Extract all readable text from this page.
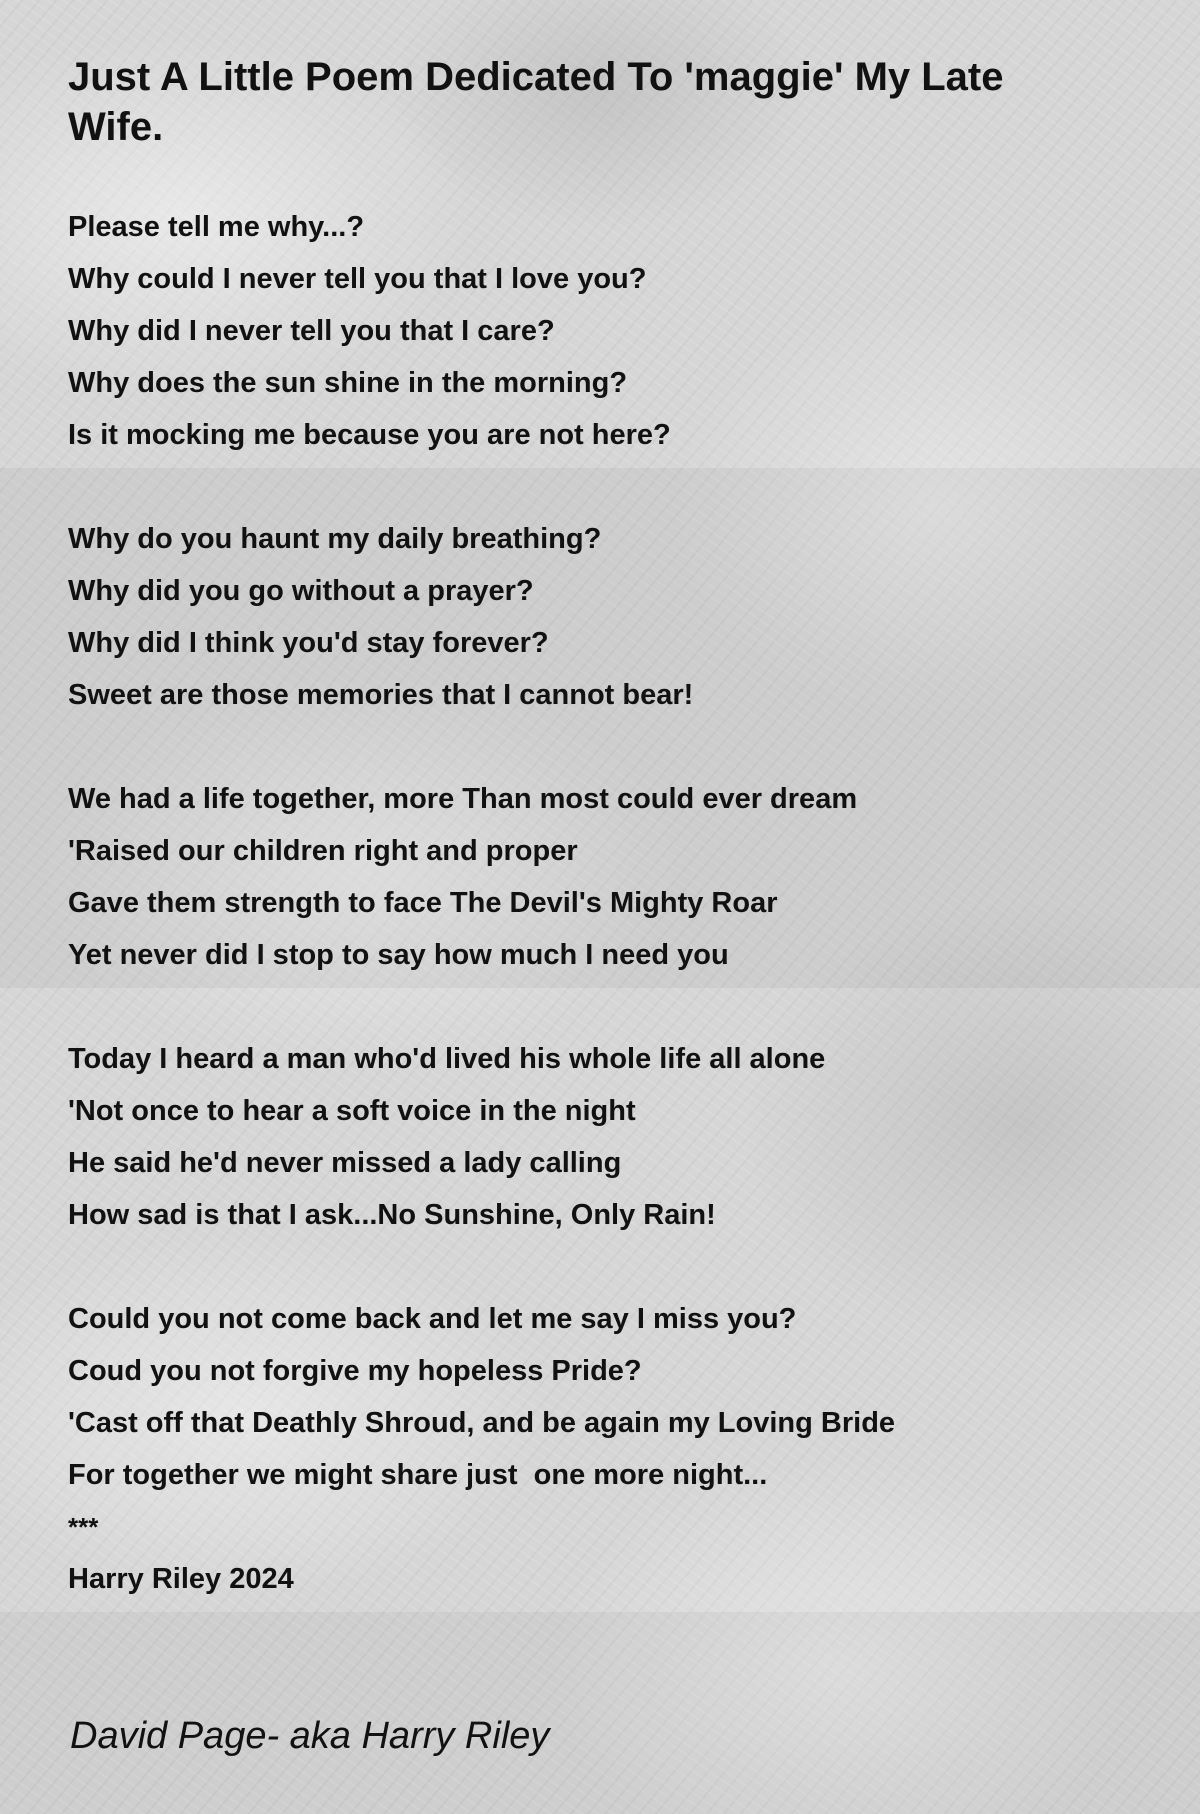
Just A Little Poem Dedicated To 'maggie' My Late Wife.
Please tell me why...?
Why could I never tell you that I love you?
Why did I never tell you that I care?
Why does the sun shine in the morning?
Is it mocking me because you are not here?
Why do you haunt my daily breathing?
Why did you go without a prayer?
Why did I think you'd stay forever?
Sweet are those memories that I cannot bear!
We had a life together, more Than most could ever dream
'Raised our children right and proper
Gave them strength to face The Devil's Mighty Roar
Yet never did I stop to say how much I need you
Today I heard a man who'd lived his whole life all alone
'Not once to hear a soft voice in the night
He said he'd never missed a lady calling
How sad is that I ask...No Sunshine, Only Rain!
Could you not come back and let me say I miss you?
Coud you not forgive my hopeless Pride?
'Cast off that Deathly Shroud, and be again my Loving Bride
For together we might share just  one more night...
***
Harry Riley 2024
David Page- aka Harry Riley
